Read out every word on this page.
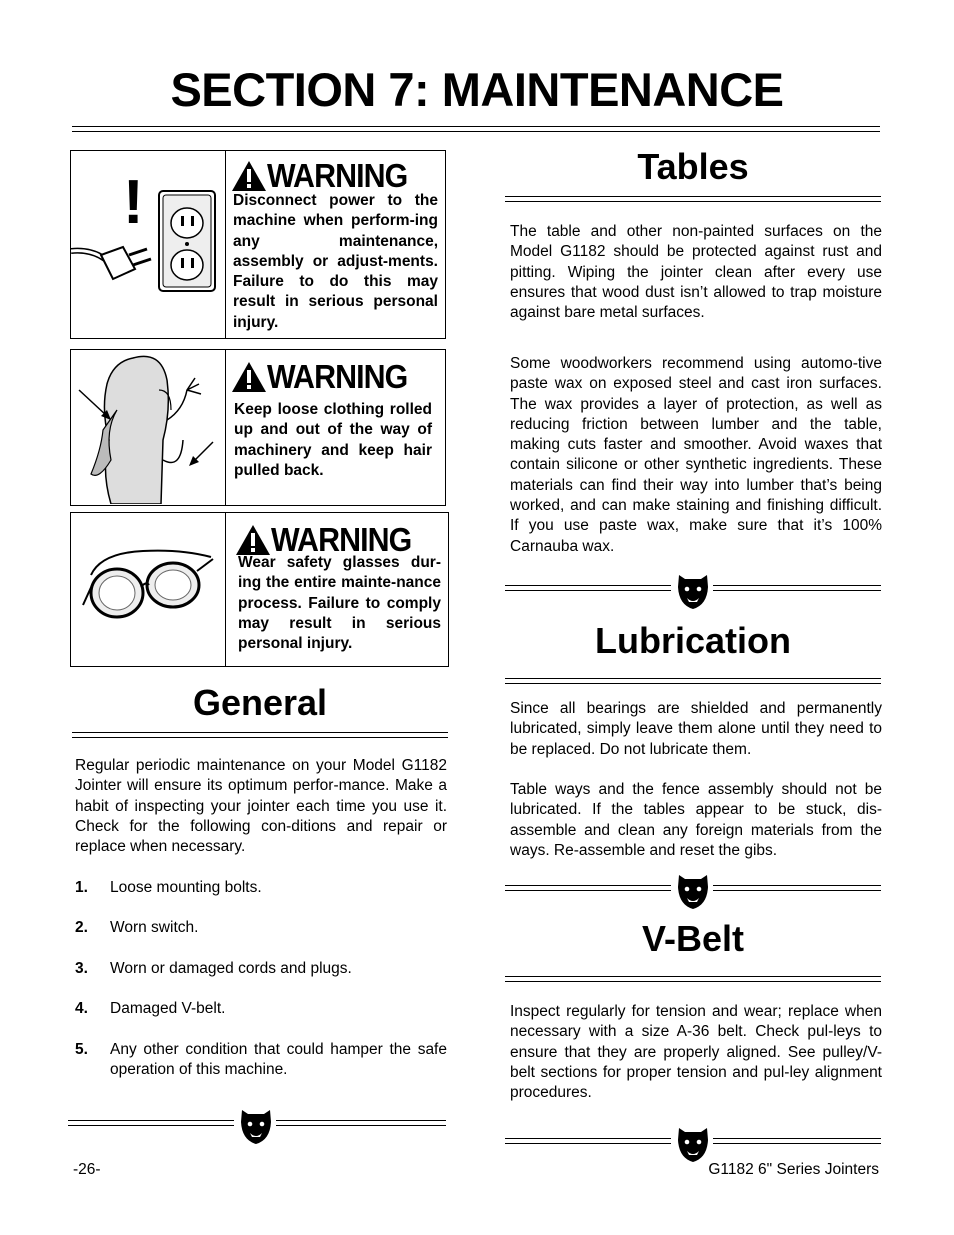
SECTION 7: MAINTENANCE
!	WARNING
Disconnect power to the machine when perform-ing any maintenance, assembly or adjust-ments. Failure to do this may result in serious personal injury.
WARNING
Keep loose clothing rolled up and out of the way of machinery and keep hair pulled back.
WARNING
Wear safety glasses dur-ing the entire mainte-nance process. Failure to comply may result in serious personal injury.
General
Regular periodic maintenance on your Model G1182 Jointer will ensure its optimum perfor-mance. Make a habit of inspecting your jointer each time you use it. Check for the following con-ditions and repair or replace when necessary.
1. Loose mounting bolts.
2. Worn switch.
3. Worn or damaged cords and plugs.
4. Damaged V-belt.
5. Any other condition that could hamper the safe operation of this machine.
Tables
The table and other non-painted surfaces on the Model G1182 should be protected against rust and pitting. Wiping the jointer clean after every use ensures that wood dust isn’t allowed to trap moisture against bare metal surfaces.
Some woodworkers recommend using automo-tive paste wax on exposed steel and cast iron surfaces. The wax provides a layer of protection, as well as reducing friction between lumber and the table, making cuts faster and smoother. Avoid waxes that contain silicone or other synthetic ingredients. These materials can find their way into lumber that’s being worked, and can make staining and finishing difficult. If you use paste wax, make sure that it’s 100% Carnauba wax.
Lubrication
Since all bearings are shielded and permanently lubricated, simply leave them alone until they need to be replaced. Do not lubricate them.
Table ways and the fence assembly should not be lubricated. If the tables appear to be stuck, dis-assemble and clean any foreign materials from the ways. Re-assemble and reset the gibs.
V-Belt
Inspect regularly for tension and wear; replace when necessary with a size A-36 belt. Check pul-leys to ensure that they are properly aligned. See pulley/V-belt sections for proper tension and pul-ley alignment procedures.
-26-	G1182 6" Series Jointers
